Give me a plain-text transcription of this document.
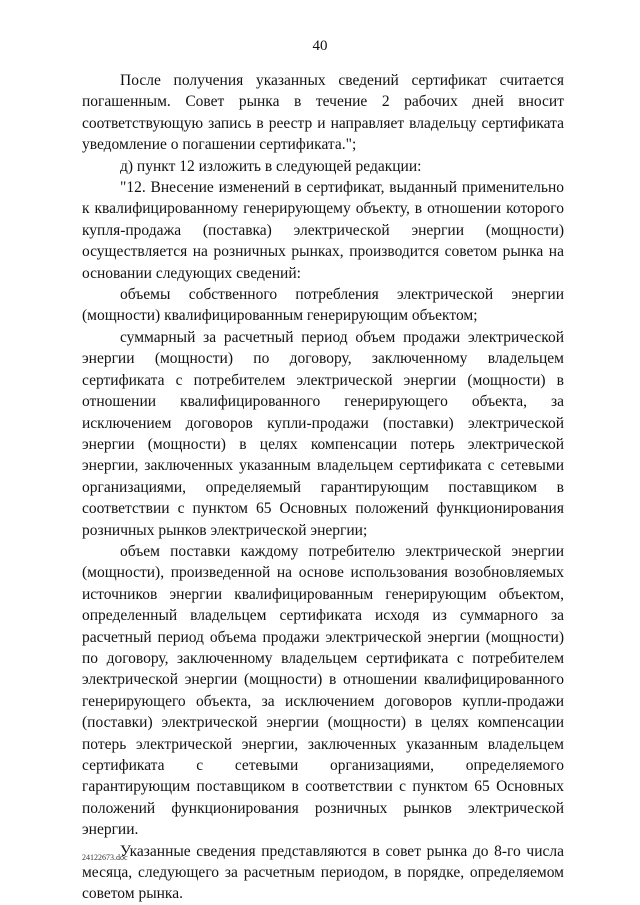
40

После получения указанных сведений сертификат считается погашенным. Совет рынка в течение 2 рабочих дней вносит соответствующую запись в реестр и направляет владельцу сертификата уведомление о погашении сертификата.";

д) пункт 12 изложить в следующей редакции:

"12. Внесение изменений в сертификат, выданный применительно к квалифицированному генерирующему объекту, в отношении которого купля-продажа (поставка) электрической энергии (мощности) осуществляется на розничных рынках, производится советом рынка на основании следующих сведений:

объемы собственного потребления электрической энергии (мощности) квалифицированным генерирующим объектом;

суммарный за расчетный период объем продажи электрической энергии (мощности) по договору, заключенному владельцем сертификата с потребителем электрической энергии (мощности) в отношении квалифицированного генерирующего объекта, за исключением договоров купли-продажи (поставки) электрической энергии (мощности) в целях компенсации потерь электрической энергии, заключенных указанным владельцем сертификата с сетевыми организациями, определяемый гарантирующим поставщиком в соответствии с пунктом 65 Основных положений функционирования розничных рынков электрической энергии;

объем поставки каждому потребителю электрической энергии (мощности), произведенной на основе использования возобновляемых источников энергии квалифицированным генерирующим объектом, определенный владельцем сертификата исходя из суммарного за расчетный период объема продажи электрической энергии (мощности) по договору, заключенному владельцем сертификата с потребителем электрической энергии (мощности) в отношении квалифицированного генерирующего объекта, за исключением договоров купли-продажи (поставки) электрической энергии (мощности) в целях компенсации потерь электрической энергии, заключенных указанным владельцем сертификата с сетевыми организациями, определяемого гарантирующим поставщиком в соответствии с пунктом 65 Основных положений функционирования розничных рынков электрической энергии.

Указанные сведения представляются в совет рынка до 8-го числа месяца, следующего за расчетным периодом, в порядке, определяемом советом рынка.

24122673.doc
